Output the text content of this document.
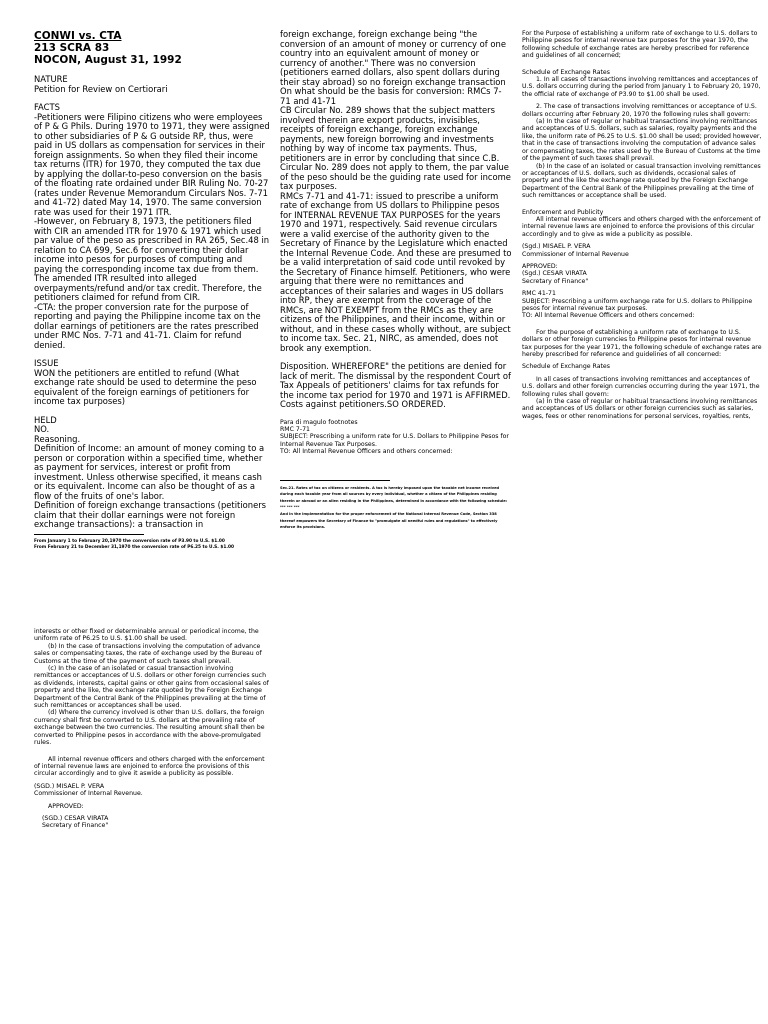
CONWI vs. CTA

213 SCRA 83

NOCON, August 31, 1992

NATURE

Petition for Review on Certiorari

FACTS

-Petitioners were Filipino citizens who were employees of P & G Phils. During 1970 to 1971, they were assigned to other subsidiaries of P & G outside RP, thus, were paid in US dollars as compensation for services in their foreign assignments. So when they filed their income tax returns (ITR) for 1970, they computed the tax due by applying the dollar-to-peso conversion on the basis of the floating rate ordained under BIR Ruling No. 70-27 (rates under Revenue Memorandum Circulars Nos. 7-71 and 41-72) dated May 14, 1970. The same conversion rate was used for their 1971 ITR.

-However, on February 8, 1973, the petitioners filed with CIR an amended ITR for 1970 & 1971 which used par value of the peso as prescribed in RA 265, Sec.48 in relation to CA 699, Sec.6 for converting their dollar income into pesos for purposes of computing and paying the corresponding income tax due from them. The amended ITR resulted into alleged overpayments/refund and/or tax credit. Therefore, the petitioners claimed for refund from CIR.

-CTA: the proper conversion rate for the purpose of reporting and paying the Philippine income tax on the dollar earnings of petitioners are the rates prescribed under RMC Nos. 7-71 and 41-71. Claim for refund denied.

ISSUE

WON the petitioners are entitled to refund (What exchange rate should be used to determine the peso equivalent of the foreign earnings of petitioners for income tax purposes)

HELD

NO.

Reasoning.

Definition of Income: an amount of money coming to a person or corporation within a specified time, whether as payment for services, interest or profit from investment. Unless otherwise specified, it means cash or its equivalent. Income can also be thought of as a flow of the fruits of one's labor.

Definition of foreign exchange transactions (petitioners claim that their dollar earnings were not foreign exchange transactions): a transaction in

From January 1 to February 20,1970 the conversion rate of P3.90 to U.S. $1.00

From February 21 to December 31,1970 the conversion rate of P6.25 to U.S. $1.00

foreign exchange, foreign exchange being "the conversion of an amount of money or currency of one country into an equivalent amount of money or currency of another." There was no conversion (petitioners earned dollars, also spent dollars during their stay abroad) so no foreign exchange transaction

On what should be the basis for conversion: RMCs 7-71 and 41-71

CB Circular No. 289 shows that the subject matters involved therein are export products, invisibles, receipts of foreign exchange, foreign exchange payments, new foreign borrowing and investments nothing by way of income tax payments. Thus, petitioners are in error by concluding that since C.B. Circular No. 289 does not apply to them, the par value of the peso should be the guiding rate used for income tax purposes.

RMCs 7-71 and 41-71: issued to prescribe a uniform rate of exchange from US dollars to Philippine pesos for INTERNAL REVENUE TAX PURPOSES for the years 1970 and 1971, respectively. Said revenue circulars were a valid exercise of the authority given to the Secretary of Finance by the Legislature which enacted the Internal Revenue Code. And these are presumed to be a valid interpretation of said code until revoked by the Secretary of Finance himself. Petitioners, who were arguing that there were no remittances and acceptances of their salaries and wages in US dollars into RP, they are exempt from the coverage of the RMCs, are NOT EXEMPT from the RMCs as they are citizens of the Philippines, and their income, within or without, and in these cases wholly without, are subject to income tax. Sec. 21, NIRC, as amended, does not brook any exemption.

Disposition. WHEREFORE" the petitions are denied for lack of merit. The dismissal by the respondent Court of Tax Appeals of petitioners' claims for tax refunds for the income tax period for 1970 and 1971 is AFFIRMED. Costs against petitioners.SO ORDERED.

Para di magulo footnotes

RMC 7-71

SUBJECT: Prescribing a uniform rate for U.S. Dollars to Philippine Pesos for Internal Revenue Tax Purposes.

TO: All Internal Revenue Officers and others concerned:

Sec.21. Rates of tax on citizens or residents. A tax is hereby imposed upon the taxable net income received during each taxable year from all sources by every individual, whether a citizen of the Philippines residing therein or abroad or an alien residing in the Philippines, determined in accordance with the following schedule:

*** *** ***

And in the implementation for the proper enforcement of the National Internal Revenue Code, Section 338 thereof empowers the Secretary of Finance to "promulgate all needful rules and regulations" to effectively enforce its provisions.

For the Purpose of establishing a uniform rate of exchange to U.S. dollars to Philippine pesos for internal revenue tax purposes for the year 1970, the following schedule of exchange rates are hereby prescribed for reference and guidelines of all concerned;

Schedule of Exchange Rates

1. In all cases of transactions involving remittances and acceptances of U.S. dollars occurring during the period from January 1 to February 20, 1970, the official rate of exchange of P3.90 to $1.00 shall be used.

2. The case of transactions involving remittances or acceptance of U.S. dollars occurring after February 20, 1970 the following rules shall govern:

(a) In the case of regular or habitual transactions involving remittances and acceptances of U.S. dollars, such as salaries, royalty payments and the like, the uniform rate of P6.25 to U.S. $1.00 shall be used; provided however, that in the case of transactions involving the computation of advance sales or compensating taxes, the rates used by the Bureau of Customs at the time of the payment of such taxes shall prevail.

(b) In the case of an isolated or casual transaction involving remittances or acceptances of U.S. dollars, such as dividends, occasional sales of property and the like the exchange rate quoted by the Foreign Exchange Department of the Central Bank of the Philippines prevailing at the time of such remittances or acceptance shall be used.

Enforcement and Publicity

All internal revenue officers and others charged with the enforcement of internal revenue laws are enjoined to enforce the provisions of this circular accordingly and to give as wide a publicity as possible.

(Sgd.) MISAEL P. VERA

Commissioner of Internal Revenue

APPROVED:

(Sgd.) CESAR VIRATA

Secretary of Finance"

RMC 41-71

SUBJECT: Prescribing a uniform exchange rate for U.S. dollars to Philippine pesos for internal revenue tax purposes.

TO: All Internal Revenue Officers and others concerned:

For the purpose of establishing a uniform rate of exchange to U.S. dollars or other foreign currencies to Philippine pesos for internal revenue tax purposes for the year 1971, the following schedule of exchange rates are hereby prescribed for reference and guidelines of all concerned:

Schedule of Exchange Rates

In all cases of transactions involving remittances and acceptances of U.S. dollars and other foreign currencies occurring during the year 1971, the following rules shall govern:

(a) In the case of regular or habitual transactions involving remittances and acceptances of US dollars or other foreign currencies such as salaries, wages, fees or other renominations for personal services, royalties, rents,

interests or other fixed or determinable annual or periodical income, the uniform rate of P6.25 to U.S. $1.00 shall be used.

(b) In the case of transactions involving the computation of advance sales or compensating taxes, the rate of exchange used by the Bureau of Customs at the time of the payment of such taxes shall prevail.

(c) In the case of an isolated or casual transaction involving remittances or acceptances of U.S. dollars or other foreign currencies such as dividends, interests, capital gains or other gains from occasional sales of property and the like, the exchange rate quoted by the Foreign Exchange Department of the Central Bank of the Philippines prevailing at the time of such remittances or acceptances shall be used.

(d) Where the currency involved is other than U.S. dollars, the foreign currency shall first be converted to U.S. dollars at the prevailing rate of exchange between the two currencies. The resulting amount shall then be converted to Philippine pesos in accordance with the above-promulgated rules.

All internal revenue officers and others charged with the enforcement of internal revenue laws are enjoined to enforce the provisions of this circular accordingly and to give it aswide a publicity as possible.

(SGD.) MISAEL P. VERA

Commissioner of Internal Revenue.

APPROVED:

(SGD.) CESAR VIRATA

Secretary of Finance"
